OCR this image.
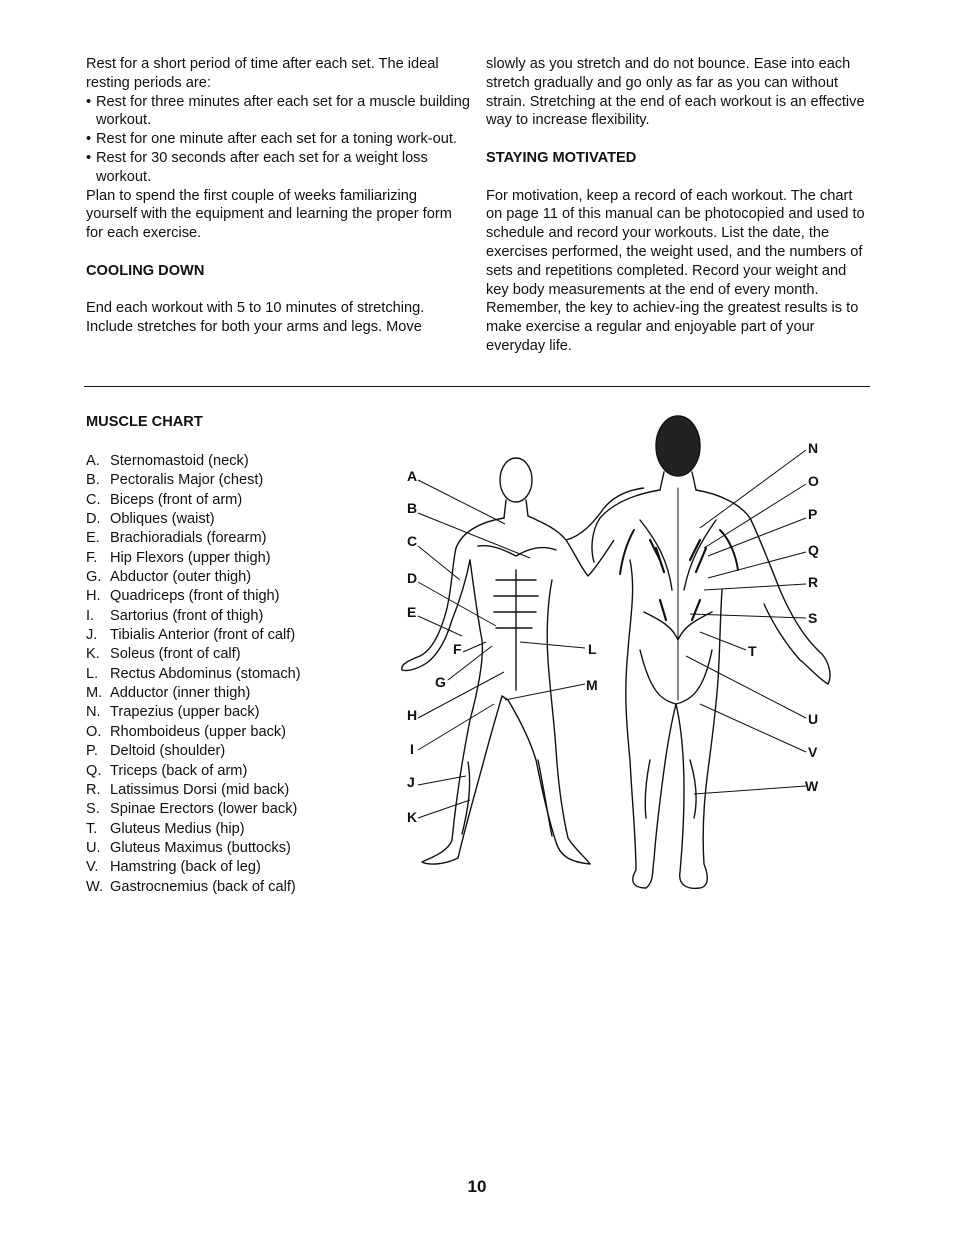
Rest for a short period of time after each set. The ideal resting periods are:

• Rest for three minutes after each set for a muscle building workout.
• Rest for one minute after each set for a toning work-out.
• Rest for 30 seconds after each set for a weight loss workout.

Plan to spend the first couple of weeks familiarizing yourself with the equipment and learning the proper form for each exercise.

COOLING DOWN

End each workout with 5 to 10 minutes of stretching. Include stretches for both your arms and legs. Move

slowly as you stretch and do not bounce. Ease into each stretch gradually and go only as far as you can without strain. Stretching at the end of each workout is an effective way to increase flexibility.

STAYING MOTIVATED

For motivation, keep a record of each workout. The chart on page 11 of this manual can be photocopied and used to schedule and record your workouts. List the date, the exercises performed, the weight used, and the numbers of sets and repetitions completed. Record your weight and key body measurements at the end of every month. Remember, the key to achiev-ing the greatest results is to make exercise a regular and enjoyable part of your everyday life.

MUSCLE CHART
A. Sternomastoid (neck)
B. Pectoralis Major (chest)
C. Biceps (front of arm)
D. Obliques (waist)
E. Brachioradials (forearm)
F. Hip Flexors (upper thigh)
G. Abductor (outer thigh)
H. Quadriceps (front of thigh)
I.	Sartorius (front of thigh)
J. Tibialis Anterior (front of calf)
K. Soleus (front of calf)
L. Rectus Abdominus (stomach)
M. Adductor (inner thigh)
N. Trapezius (upper back)
O. Rhomboideus (upper back)
P. Deltoid (shoulder)
Q. Triceps (back of arm)
R. Latissimus Dorsi (mid back)
S. Spinae Erectors (lower back)
T. Gluteus Medius (hip)
U. Gluteus Maximus (buttocks)
V. Hamstring (back of leg)
W. Gastrocnemius (back of calf)
A
B
C
D
E
F
G
H
I
J
K
L
M
N
O
P
Q
R
S
T
U
V
W
10
